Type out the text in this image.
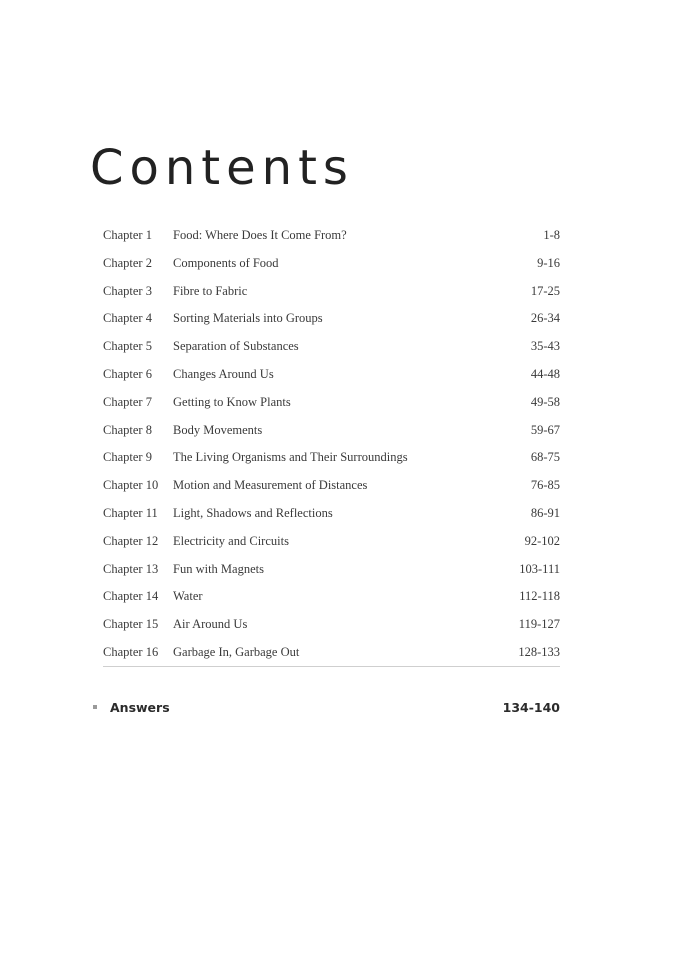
Contents
Chapter 1 Food: Where Does It Come From?	1-8
Chapter 2 Components of Food	9-16
Chapter 3 Fibre to Fabric	17-25
Chapter 4 Sorting Materials into Groups	26-34
Chapter 5 Separation of Substances	35-43
Chapter 6 Changes Around Us	44-48
Chapter 7 Getting to Know Plants	49-58
Chapter 8 Body Movements	59-67
Chapter 9 The Living Organisms and Their Surroundings	68-75
Chapter 10 Motion and Measurement of Distances	76-85
Chapter 11 Light, Shadows and Reflections	86-91
Chapter 12 Electricity and Circuits	92-102
Chapter 13 Fun with Magnets	103-111
Chapter 14 Water	112-118
Chapter 15 Air Around Us	119-127
Chapter 16 Garbage In, Garbage Out	128-133
Answers	134-140
